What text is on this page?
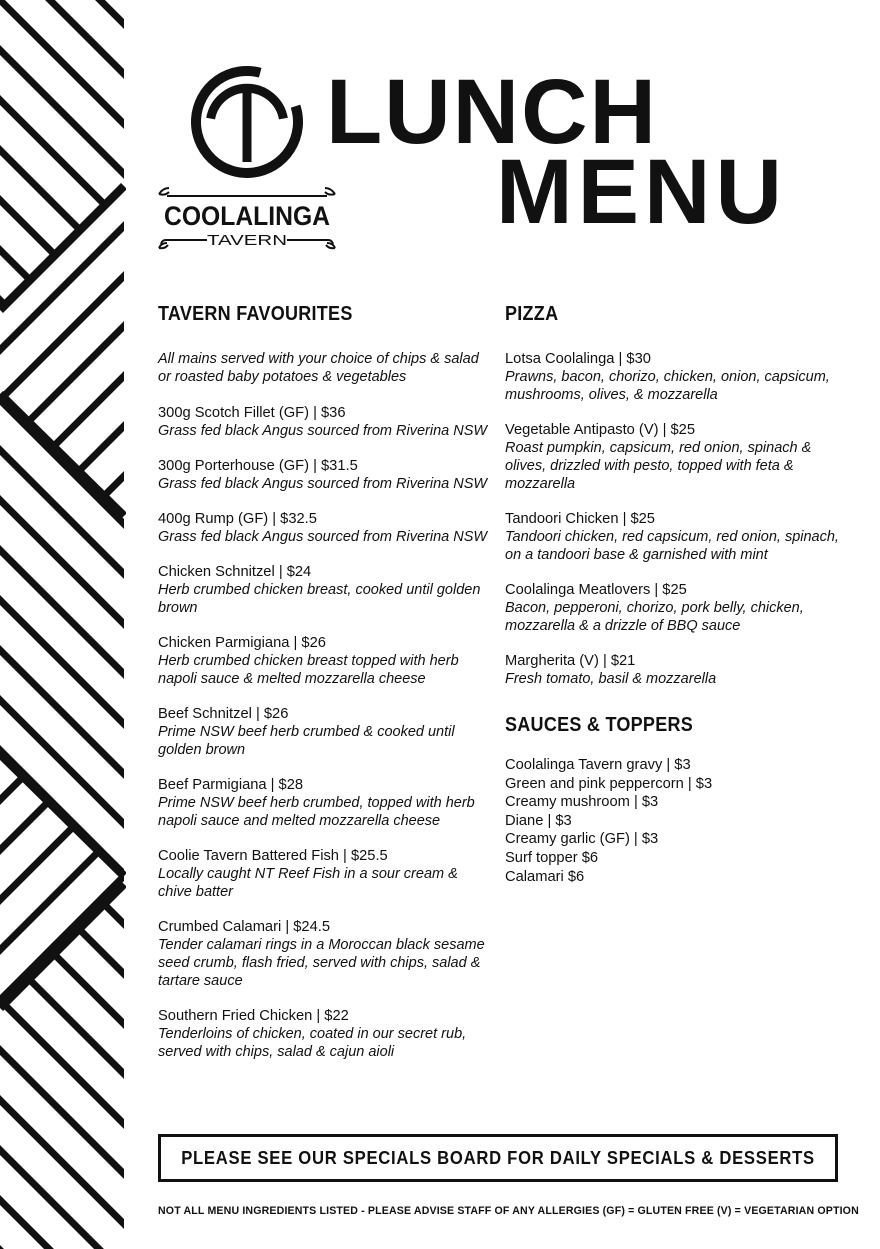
COOLALINGA
TAVERN
LUNCH
MENU
TAVERN FAVOURITES

All mains served with your choice of chips & salad or roasted baby potatoes & vegetables

300g Scotch Fillet (GF) | $36
Grass fed black Angus sourced from Riverina NSW
300g Porterhouse (GF) | $31.5
Grass fed black Angus sourced from Riverina NSW
400g Rump (GF) | $32.5
Grass fed black Angus sourced from Riverina NSW
Chicken Schnitzel | $24
Herb crumbed chicken breast, cooked until golden brown
Chicken Parmigiana | $26
Herb crumbed chicken breast topped with herb napoli sauce & melted mozzarella cheese
Beef Schnitzel | $26
Prime NSW beef herb crumbed & cooked until golden brown
Beef Parmigiana | $28
Prime NSW beef herb crumbed, topped with herb napoli sauce and melted mozzarella cheese
Coolie Tavern Battered Fish | $25.5
Locally caught NT Reef Fish in a sour cream & chive batter
Crumbed Calamari | $24.5
Tender calamari rings in a Moroccan black sesame seed crumb, flash fried, served with chips, salad & tartare sauce
Southern Fried Chicken | $22
Tenderloins of chicken, coated in our secret rub, served with chips, salad & cajun aioli
PIZZA
Lotsa Coolalinga | $30
Prawns, bacon, chorizo, chicken, onion, capsicum, mushrooms, olives, & mozzarella
Vegetable Antipasto (V) | $25
Roast pumpkin, capsicum, red onion, spinach & olives, drizzled with pesto, topped with feta & mozzarella
Tandoori Chicken | $25
Tandoori chicken, red capsicum, red onion, spinach, on a tandoori base & garnished with mint
Coolalinga Meatlovers | $25
Bacon, pepperoni, chorizo, pork belly, chicken, mozzarella & a drizzle of BBQ sauce
Margherita (V) | $21
Fresh tomato, basil & mozzarella
SAUCES & TOPPERS
Coolalinga Tavern gravy | $3
Green and pink peppercorn | $3
Creamy mushroom | $3
Diane | $3
Creamy garlic (GF) | $3
Surf topper $6
Calamari $6
PLEASE SEE OUR SPECIALS BOARD FOR DAILY SPECIALS & DESSERTS
NOT ALL MENU INGREDIENTS LISTED - PLEASE ADVISE STAFF OF ANY ALLERGIES (GF) = GLUTEN FREE (V) = VEGETARIAN OPTION
